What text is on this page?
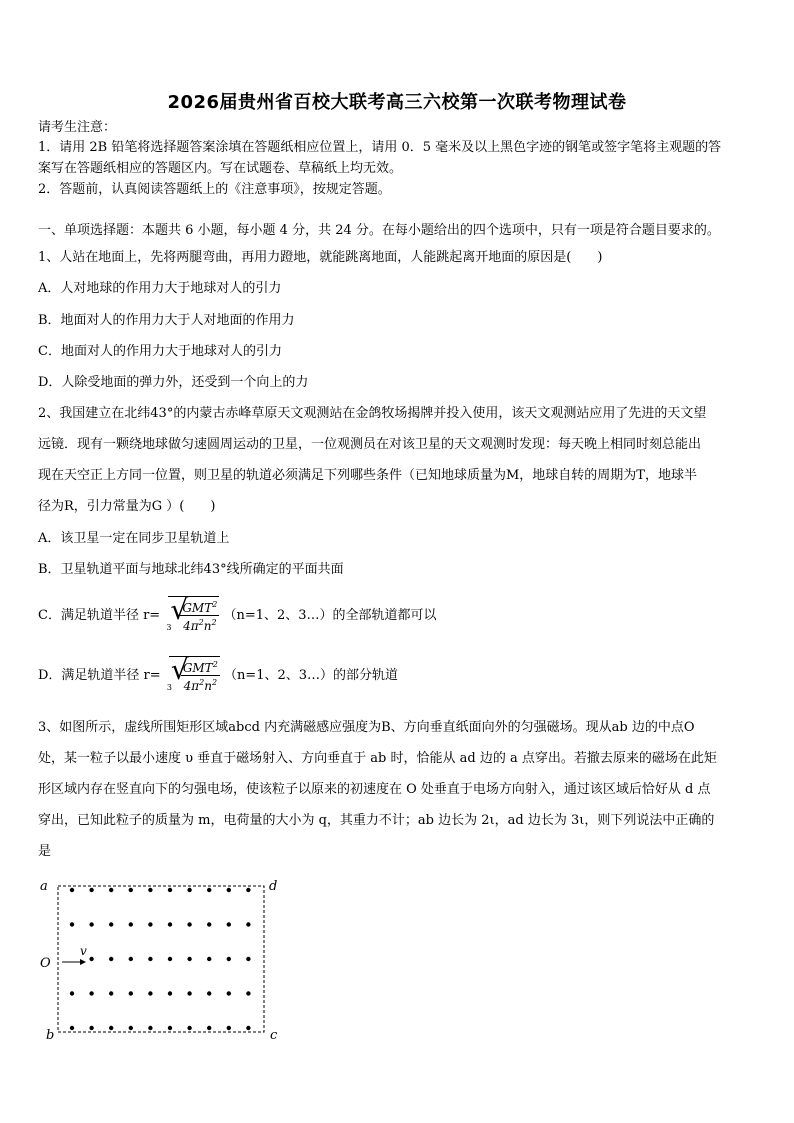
2026届贵州省百校大联考高三六校第一次联考物理试卷
请考生注意：
1．请用 2B 铅笔将选择题答案涂填在答题纸相应位置上，请用 0．5 毫米及以上黑色字迹的钢笔或签字笔将主观题的答
案写在答题纸相应的答题区内。写在试题卷、草稿纸上均无效。
2．答题前，认真阅读答题纸上的《注意事项》，按规定答题。
一、单项选择题：本题共 6 小题，每小题 4 分，共 24 分。在每小题给出的四个选项中，只有一项是符合题目要求的。
1、人站在地面上，先将两腿弯曲，再用力蹬地，就能跳离地面，人能跳起离开地面的原因是(　　)
A．人对地球的作用力大于地球对人的引力
B．地面对人的作用力大于人对地面的作用力
C．地面对人的作用力大于地球对人的引力
D．人除受地面的弹力外，还受到一个向上的力
2、我国建立在北纬43°的内蒙古赤峰草原天文观测站在金鸽牧场揭牌并投入使用，该天文观测站应用了先进的天文望
远镜．现有一颗绕地球做匀速圆周运动的卫星，一位观测员在对该卫星的天文观测时发现：每天晚上相同时刻总能出
现在天空正上方同一位置，则卫星的轨道必须满足下列哪些条件（已知地球质量为M，地球自转的周期为T，地球半
径为R，引力常量为G ）(　　)
A．该卫星一定在同步卫星轨道上
B．卫星轨道平面与地球北纬43°线所确定的平面共面
C．满足轨道半径 r= √
$3 \frac{GMT^2}{4\pi^2n^2} (n=1$、2、3…）的全部轨道都可以
D．满足轨道半径 r= √
$3 \frac{GMT^2}{4\pi^2n^2} (n=1$、2、3…）的部分轨道
3、如图所示，虚线所围矩形区域abcd 内充满磁感应强度为B、方向垂直纸面向外的匀强磁场。现从ab 边的中点O
处，某一粒子以最小速度 υ 垂直于磁场射入、方向垂直于 ab 时，恰能从 ad 边的 a 点穿出。若撤去原来的磁场在此矩
形区域内存在竖直向下的匀强电场，使该粒子以原来的初速度在 O 处垂直于电场方向射入，通过该区域后恰好从 d 点
穿出，已知此粒子的质量为 m，电荷量的大小为 q，其重力不计；ab 边长为 2ι，ad 边长为 3ι，则下列说法中正确的
是
a	d
b	c
O
v
